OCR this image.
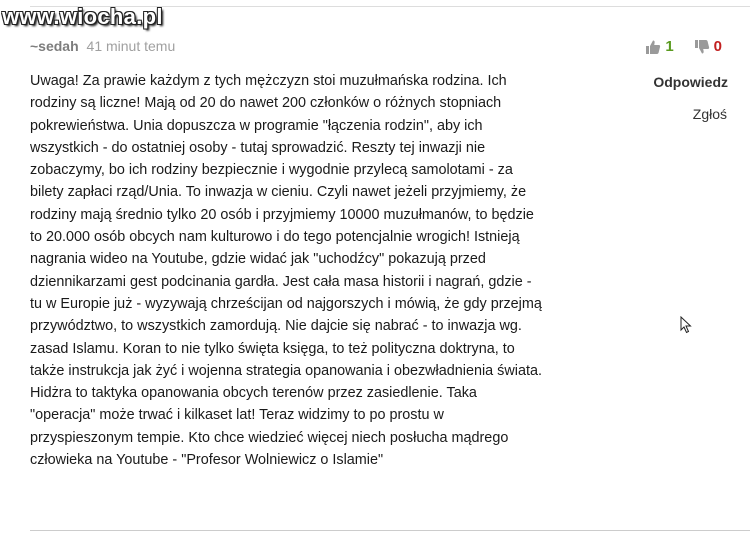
www.wiocha.pl
~sedah 41 minut temu	1	0

Uwaga! Za prawie każdym z tych mężczyzn stoi muzułmańska rodzina. Ich

rodziny są liczne! Mają od 20 do nawet 200 członków o różnych stopniach

pokrewieństwa. Unia dopuszcza w programie "łączenia rodzin", aby ich

wszystkich - do ostatniej osoby - tutaj sprowadzić. Reszty tej inwazji nie

zobaczymy, bo ich rodziny bezpiecznie i wygodnie przylecą samolotami - za

bilety zapłaci rząd/Unia. To inwazja w cieniu. Czyli nawet jeżeli przyjmiemy, że

rodziny mają średnio tylko 20 osób i przyjmiemy 10000 muzułmanów, to będzie

to 20.000 osób obcych nam kulturowo i do tego potencjalnie wrogich! Istnieją

nagrania wideo na Youtube, gdzie widać jak "uchodźcy" pokazują przed

dziennikarzami gest podcinania gardła. Jest cała masa historii i nagrań, gdzie -

tu w Europie już - wyzywają chrześcijan od najgorszych i mówią, że gdy przejmą

przywództwo, to wszystkich zamordują. Nie dajcie się nabrać - to inwazja wg.

zasad Islamu. Koran to nie tylko święta księga, to też polityczna doktryna, to

także instrukcja jak żyć i wojenna strategia opanowania i obezwładnienia świata.

Hidżra to taktyka opanowania obcych terenów przez zasiedlenie. Taka

"operacja" może trwać i kilkaset lat! Teraz widzimy to po prostu w

przyspieszonym tempie. Kto chce wiedzieć więcej niech posłucha mądrego

człowieka na Youtube - "Profesor Wolniewicz o Islamie"

Odpowiedz
Zgłoś
